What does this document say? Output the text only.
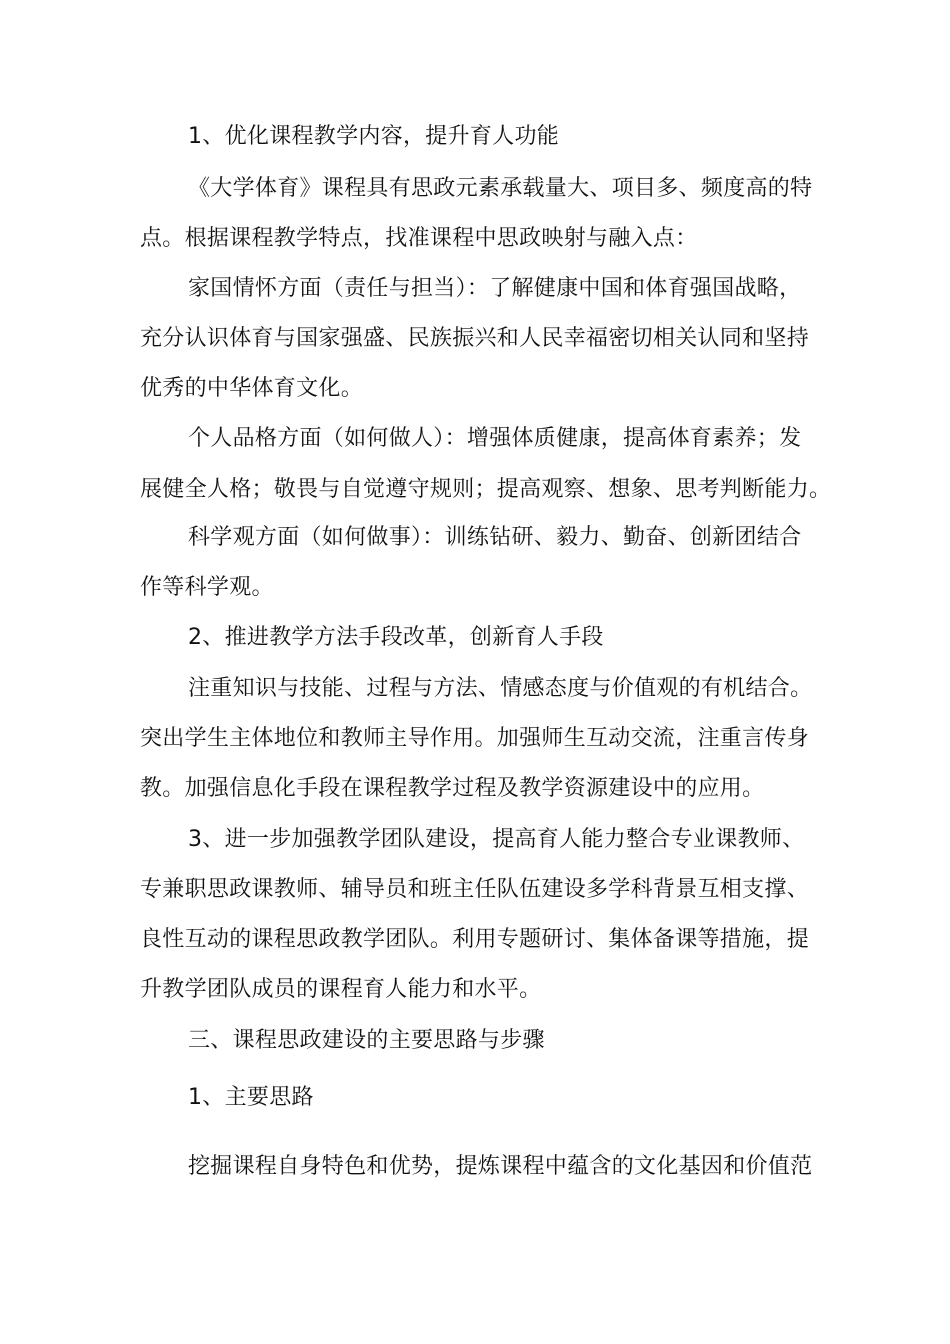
1、优化课程教学内容，提升育人功能
《大学体育》课程具有思政元素承载量大、项目多、频度高的特
点。根据课程教学特点，找准课程中思政映射与融入点：
家国情怀方面（责任与担当）：了解健康中国和体育强国战略，
充分认识体育与国家强盛、民族振兴和人民幸福密切相关认同和坚持
优秀的中华体育文化。
个人品格方面（如何做人）：增强体质健康，提高体育素养；发
展健全人格；敬畏与自觉遵守规则；提高观察、想象、思考判断能力。
科学观方面（如何做事）：训练钻研、毅力、勤奋、创新团结合
作等科学观。
2、推进教学方法手段改革，创新育人手段
注重知识与技能、过程与方法、情感态度与价值观的有机结合。
突出学生主体地位和教师主导作用。加强师生互动交流，注重言传身
教。加强信息化手段在课程教学过程及教学资源建设中的应用。
3、进一步加强教学团队建设，提高育人能力整合专业课教师、
专兼职思政课教师、辅导员和班主任队伍建设多学科背景互相支撑、
良性互动的课程思政教学团队。利用专题研讨、集体备课等措施，提
升教学团队成员的课程育人能力和水平。
三、课程思政建设的主要思路与步骤
1、主要思路
挖掘课程自身特色和优势，提炼课程中蕴含的文化基因和价值范
